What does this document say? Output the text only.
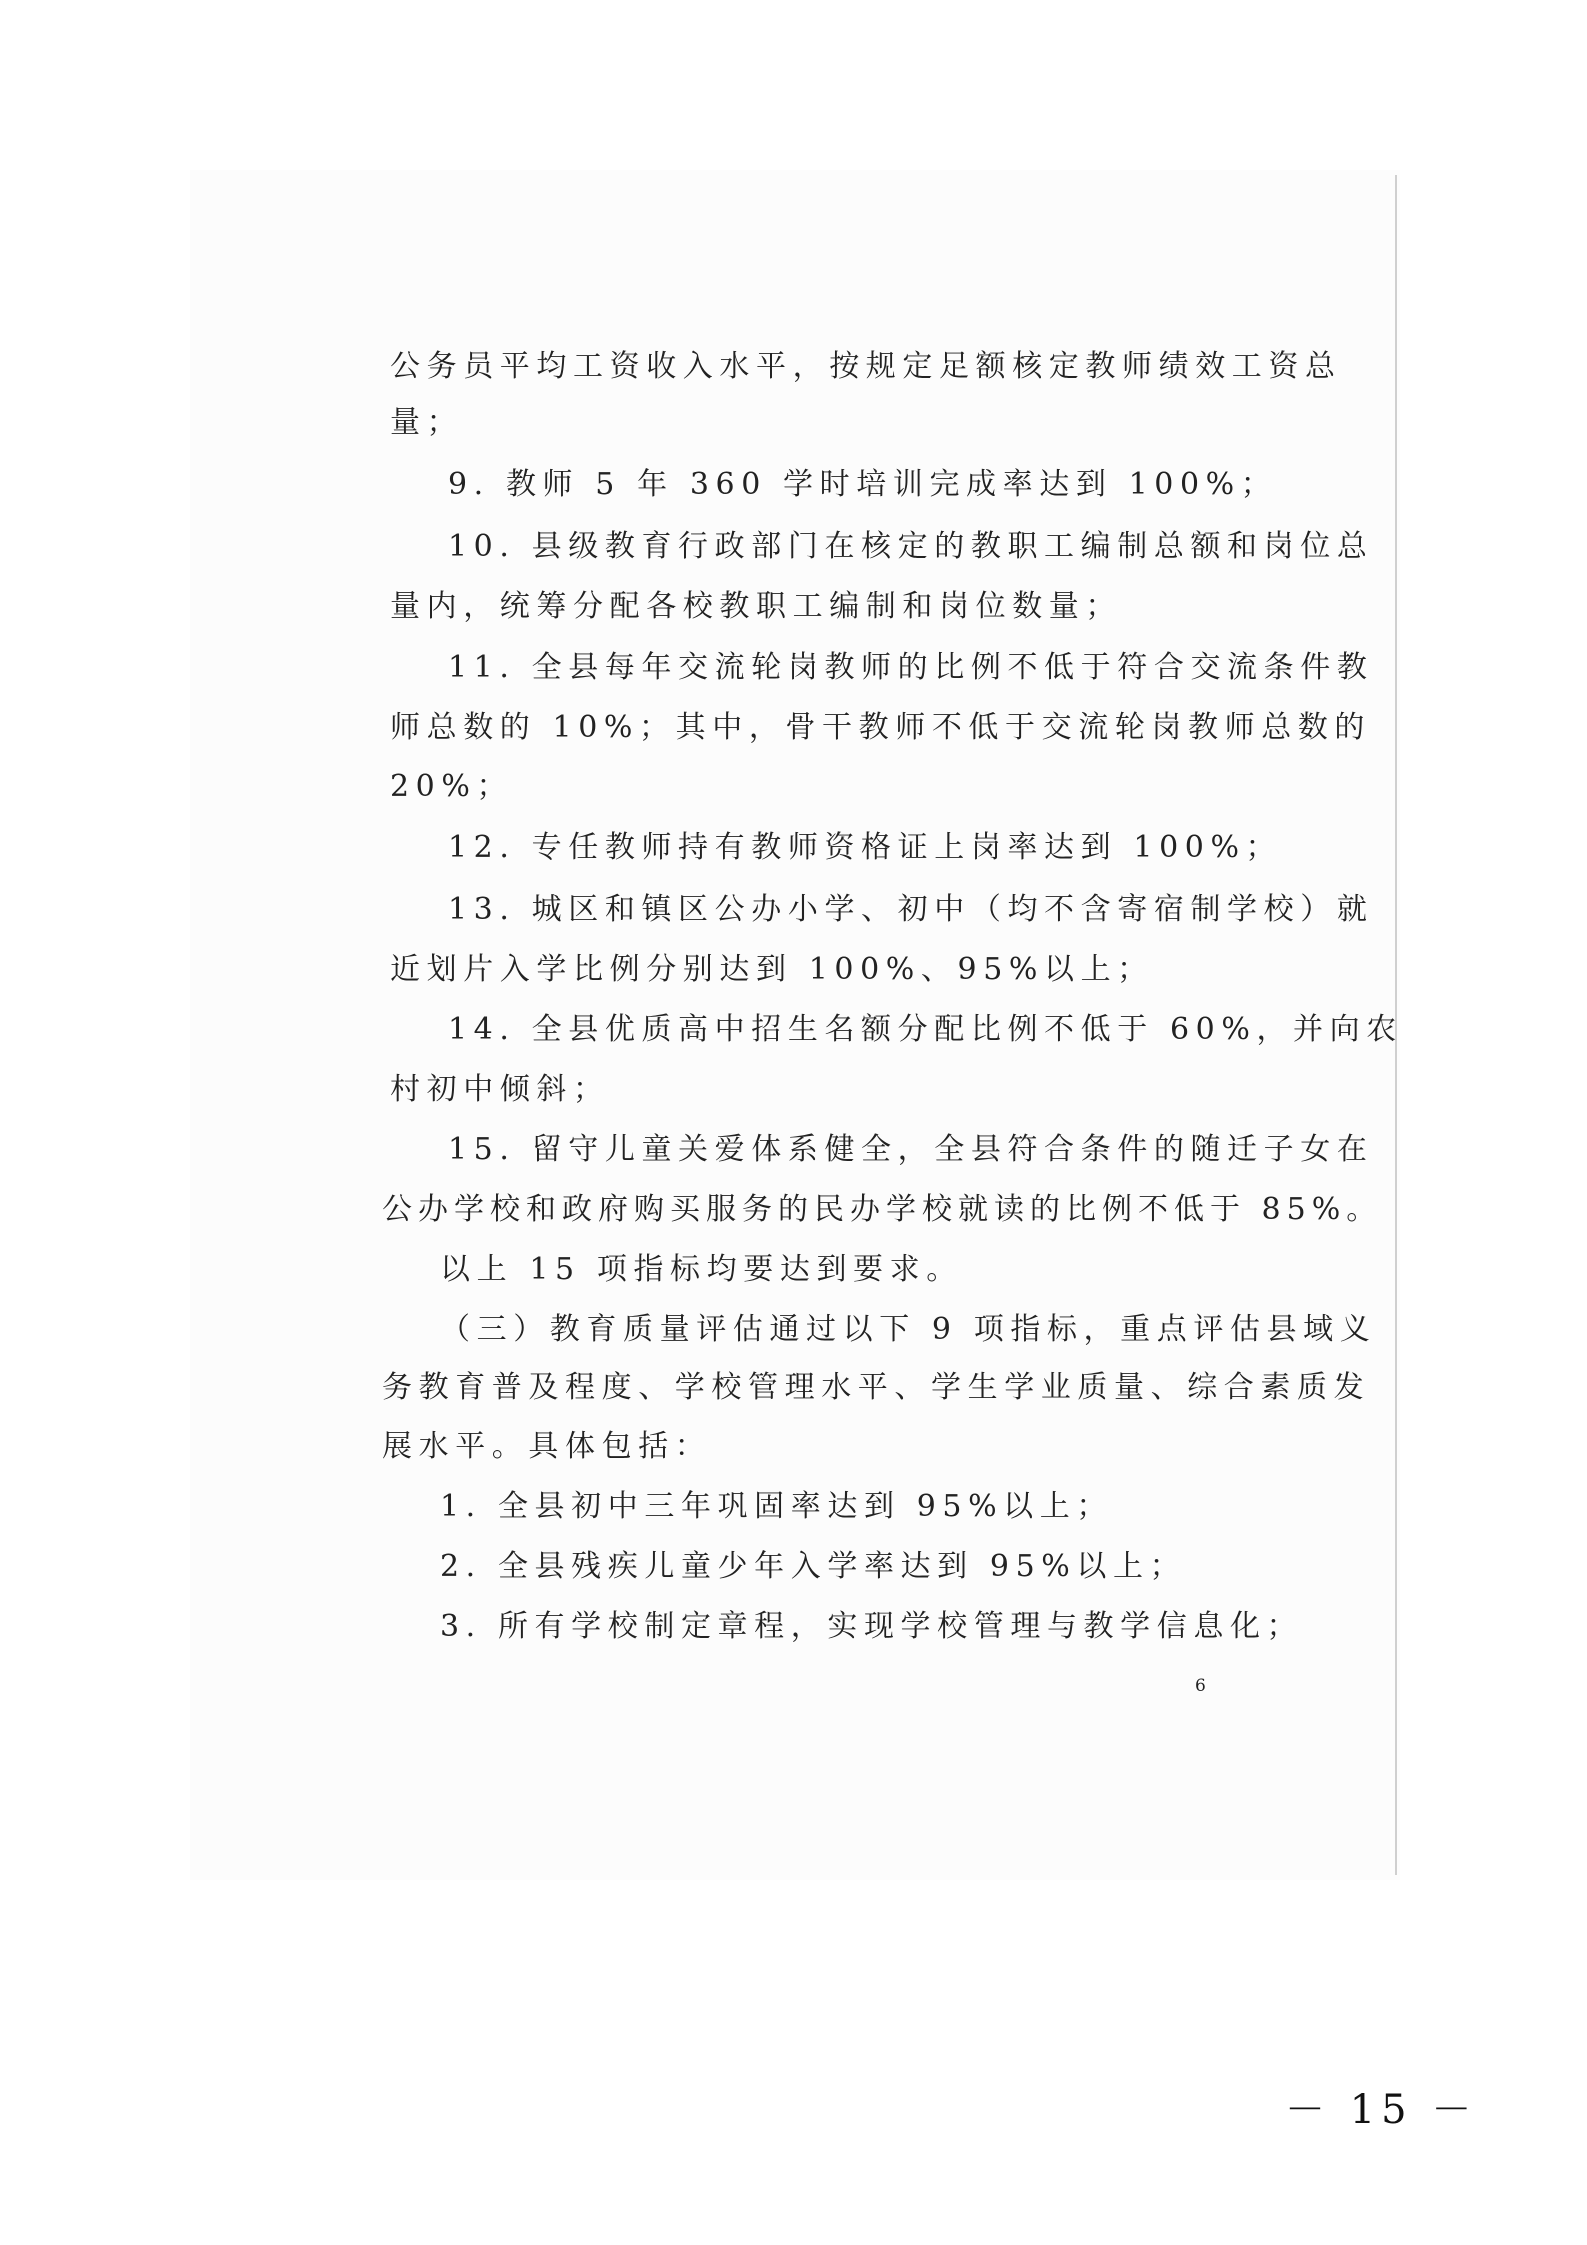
公务员平均工资收入水平，按规定足额核定教师绩效工资总

量；

9. 教师 5 年 360 学时培训完成率达到 100%；

10. 县级教育行政部门在核定的教职工编制总额和岗位总

量内，统筹分配各校教职工编制和岗位数量；

11. 全县每年交流轮岗教师的比例不低于符合交流条件教

师总数的 10%；其中，骨干教师不低于交流轮岗教师总数的

20%；

12. 专任教师持有教师资格证上岗率达到 100%；

13. 城区和镇区公办小学、初中（均不含寄宿制学校）就

近划片入学比例分别达到 100%、95%以上；

14. 全县优质高中招生名额分配比例不低于 60%，并向农

村初中倾斜；

15. 留守儿童关爱体系健全，全县符合条件的随迁子女在

公办学校和政府购买服务的民办学校就读的比例不低于 85%。

以上 15 项指标均要达到要求。

（三）教育质量评估通过以下 9 项指标，重点评估县域义

务教育普及程度、学校管理水平、学生学业质量、综合素质发

展水平。具体包括：

1. 全县初中三年巩固率达到 95%以上；

2. 全县残疾儿童少年入学率达到 95%以上；

3. 所有学校制定章程，实现学校管理与教学信息化；

6
－ 15 －
